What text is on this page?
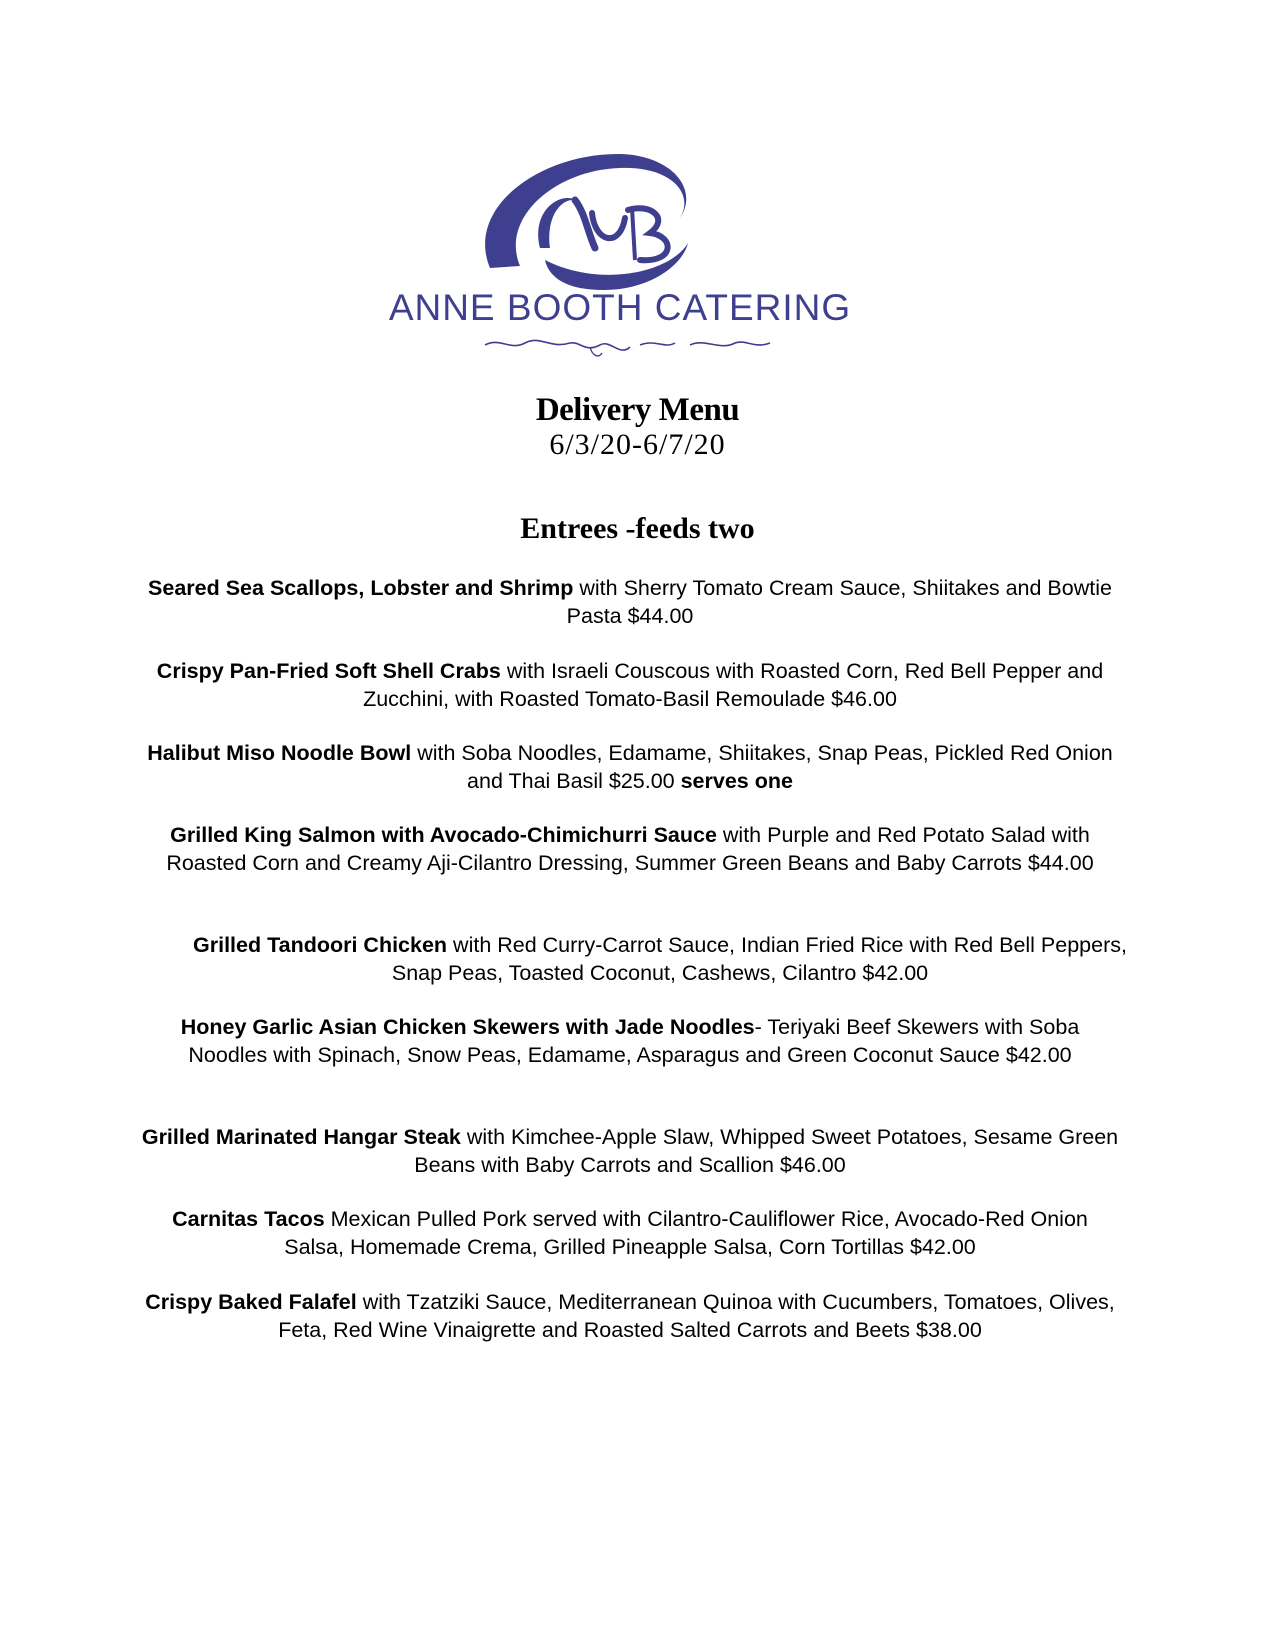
ANNE BOOTH CATERING
Delivery Menu
6/3/20-6/7/20
Entrees -feeds two
Seared Sea Scallops, Lobster and Shrimp with Sherry Tomato Cream Sauce, Shiitakes and Bowtie Pasta $44.00
Crispy Pan-Fried Soft Shell Crabs with Israeli Couscous with Roasted Corn, Red Bell Pepper and Zucchini, with Roasted Tomato-Basil Remoulade $46.00
Halibut Miso Noodle Bowl with Soba Noodles, Edamame, Shiitakes, Snap Peas, Pickled Red Onion and Thai Basil $25.00 serves one
Grilled King Salmon with Avocado-Chimichurri Sauce with Purple and Red Potato Salad with Roasted Corn and Creamy Aji-Cilantro Dressing, Summer Green Beans and Baby Carrots $44.00
Grilled Tandoori Chicken with Red Curry-Carrot Sauce, Indian Fried Rice with Red Bell Peppers, Snap Peas, Toasted Coconut, Cashews, Cilantro $42.00
Honey Garlic Asian Chicken Skewers with Jade Noodles- Teriyaki Beef Skewers with Soba Noodles with Spinach, Snow Peas, Edamame, Asparagus and Green Coconut Sauce $42.00
Grilled Marinated Hangar Steak with Kimchee-Apple Slaw, Whipped Sweet Potatoes, Sesame Green Beans with Baby Carrots and Scallion $46.00
Carnitas Tacos Mexican Pulled Pork served with Cilantro-Cauliflower Rice, Avocado-Red Onion Salsa, Homemade Crema, Grilled Pineapple Salsa, Corn Tortillas $42.00
Crispy Baked Falafel with Tzatziki Sauce, Mediterranean Quinoa with Cucumbers, Tomatoes, Olives, Feta, Red Wine Vinaigrette and Roasted Salted Carrots and Beets $38.00
